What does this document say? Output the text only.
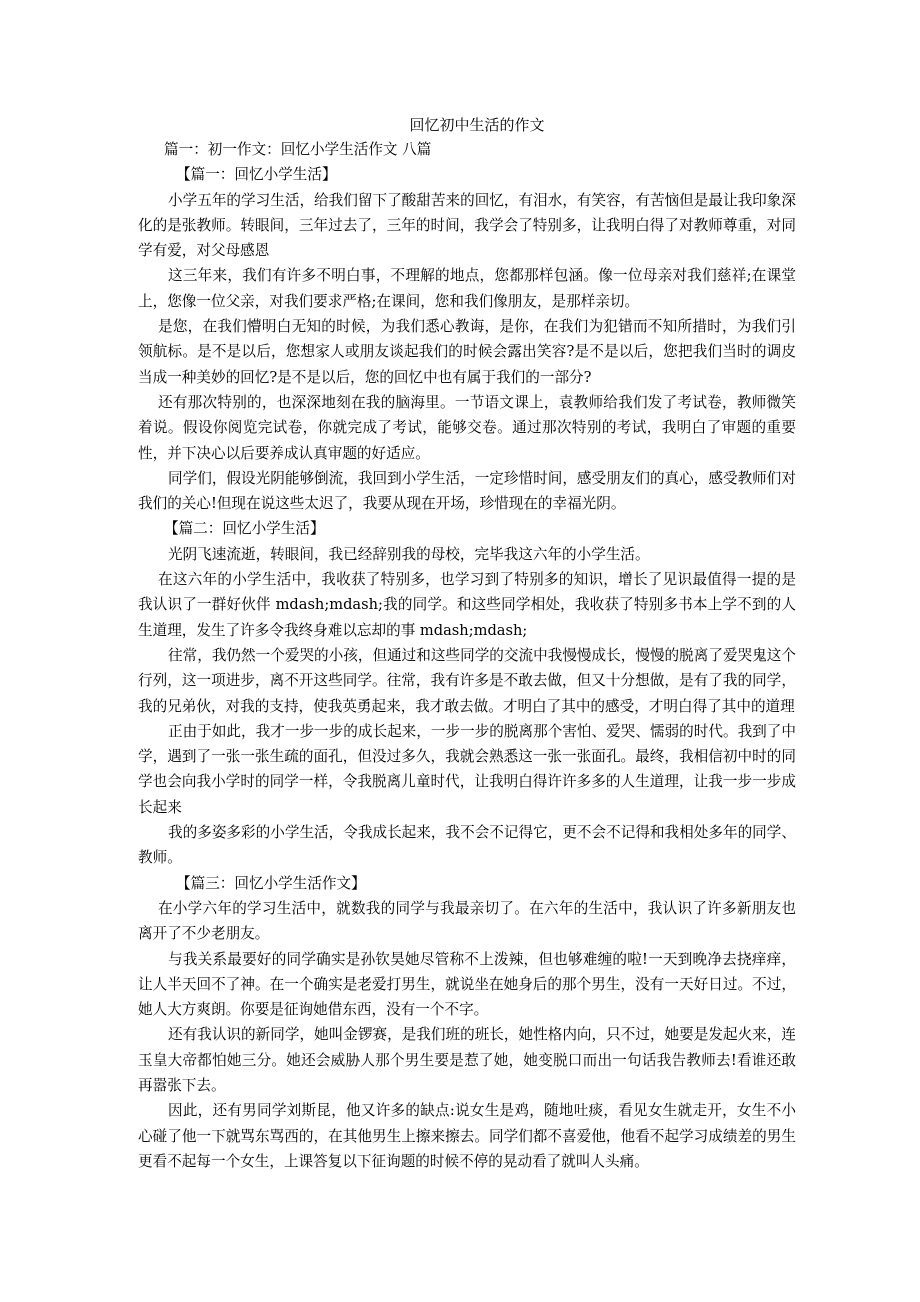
回忆初中生活的作文
篇一：初一作文：回忆小学生活作文 八篇
【篇一：回忆小学生活】

小学五年的学习生活，给我们留下了酸甜苦来的回忆，有泪水，有笑容，有苦恼但是最让我印象深化的是张教师。转眼间，三年过去了，三年的时间，我学会了特别多，让我明白得了对教师尊重，对同学有爱，对父母感恩

这三年来，我们有许多不明白事，不理解的地点，您都那样包涵。像一位母亲对我们慈祥;在课堂上，您像一位父亲，对我们要求严格;在课间，您和我们像朋友，是那样亲切。

是您，在我们懵明白无知的时候，为我们悉心教诲，是你，在我们为犯错而不知所措时，为我们引领航标。是不是以后，您想家人或朋友谈起我们的时候会露出笑容?是不是以后，您把我们当时的调皮当成一种美妙的回忆?是不是以后，您的回忆中也有属于我们的一部分?

还有那次特别的，也深深地刻在我的脑海里。一节语文课上，袁教师给我们发了考试卷，教师微笑着说。假设你阅览完试卷，你就完成了考试，能够交卷。通过那次特别的考试，我明白了审题的重要性，并下决心以后要养成认真审题的好适应。

同学们，假设光阴能够倒流，我回到小学生活，一定珍惜时间，感受朋友们的真心，感受教师们对我们的关心!但现在说这些太迟了，我要从现在开场，珍惜现在的幸福光阴。

【篇二：回忆小学生活】

光阴飞速流逝，转眼间，我已经辞别我的母校，完毕我这六年的小学生活。

在这六年的小学生活中，我收获了特别多，也学习到了特别多的知识，增长了见识最值得一提的是我认识了一群好伙伴 mdash;mdash;我的同学。和这些同学相处，我收获了特别多书本上学不到的人生道理，发生了许多令我终身难以忘却的事 mdash;mdash;

往常，我仍然一个爱哭的小孩，但通过和这些同学的交流中我慢慢成长，慢慢的脱离了爱哭鬼这个行列，这一项进步，离不开这些同学。往常，我有许多是不敢去做，但又十分想做，是有了我的同学，我的兄弟伙，对我的支持，使我英勇起来，我才敢去做。才明白了其中的感受，才明白得了其中的道理

正由于如此，我才一步一步的成长起来，一步一步的脱离那个害怕、爱哭、懦弱的时代。我到了中学，遇到了一张一张生疏的面孔，但没过多久，我就会熟悉这一张一张面孔。最终，我相信初中时的同学也会向我小学时的同学一样，令我脱离儿童时代，让我明白得许许多多的人生道理，让我一步一步成长起来

我的多姿多彩的小学生活，令我成长起来，我不会不记得它，更不会不记得和我相处多年的同学、教师。

【篇三：回忆小学生活作文】

在小学六年的学习生活中，就数我的同学与我最亲切了。在六年的生活中，我认识了许多新朋友也离开了不少老朋友。

与我关系最要好的同学确实是孙钦昊她尽管称不上泼辣，但也够难缠的啦!一天到晚净去挠痒痒，让人半天回不了神。在一个确实是老爱打男生，就说坐在她身后的那个男生，没有一天好日过。不过，她人大方爽朗。你要是征询她借东西，没有一个不字。

还有我认识的新同学，她叫金锣赛，是我们班的班长，她性格内向，只不过，她要是发起火来，连玉皇大帝都怕她三分。她还会威胁人那个男生要是惹了她，她变脱口而出一句话我告教师去!看谁还敢再嚣张下去。

因此，还有男同学刘斯昆，他又许多的缺点:说女生是鸡，随地吐痰，看见女生就走开，女生不小心碰了他一下就骂东骂西的，在其他男生上擦来擦去。同学们都不喜爱他，他看不起学习成绩差的男生更看不起每一个女生，上课答复以下征询题的时候不停的晃动看了就叫人头痛。
